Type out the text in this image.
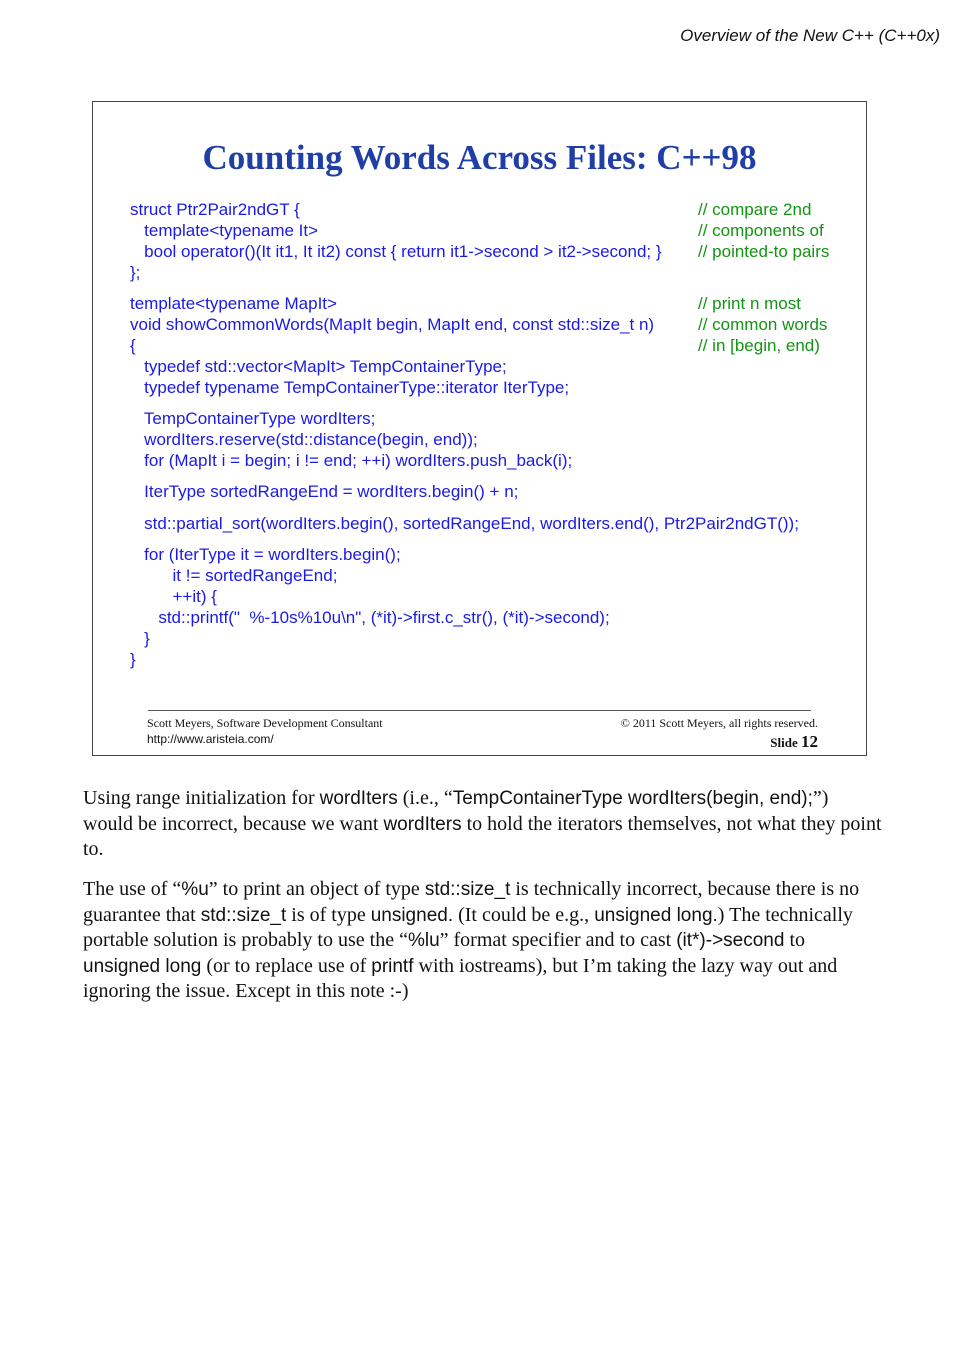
Overview of the New C++ (C++0x)
Counting Words Across Files: C++98
struct Ptr2Pair2ndGT {
template<typename It>
bool operator()(It it1, It it2) const { return it1->second > it2->second; }
};
template<typename MapIt>
void showCommonWords(MapIt begin, MapIt end, const std::size_t n)
{
typedef std::vector<MapIt> TempContainerType;
typedef typename TempContainerType::iterator IterType;
TempContainerType wordIters;
wordIters.reserve(std::distance(begin, end));
for (MapIt i = begin; i != end; ++i) wordIters.push_back(i);
IterType sortedRangeEnd = wordIters.begin() + n;
std::partial_sort(wordIters.begin(), sortedRangeEnd, wordIters.end(), Ptr2Pair2ndGT());
for (IterType it = wordIters.begin();
it != sortedRangeEnd;
++it) {
std::printf("  %-10s%10u\n", (*it)->first.c_str(), (*it)->second);
}
}
// compare 2nd
// components of
// pointed-to pairs
// print n most
// common words
// in [begin, end)
Scott Meyers, Software Development Consultant
http://www.aristeia.com/
© 2011 Scott Meyers, all rights reserved.
Slide 12
Using range initialization for wordIters (i.e., “TempContainerType wordIters(begin, end);”) would be incorrect, because we want wordIters to hold the iterators themselves, not what they point to.
The use of “%u” to print an object of type std::size_t is technically incorrect, because there is no guarantee that std::size_t is of type unsigned. (It could be e.g., unsigned long.) The technically portable solution is probably to use the “%lu” format specifier and to cast (it*)->second to unsigned long (or to replace use of printf with iostreams), but I’m taking the lazy way out and ignoring the issue. Except in this note :-)
